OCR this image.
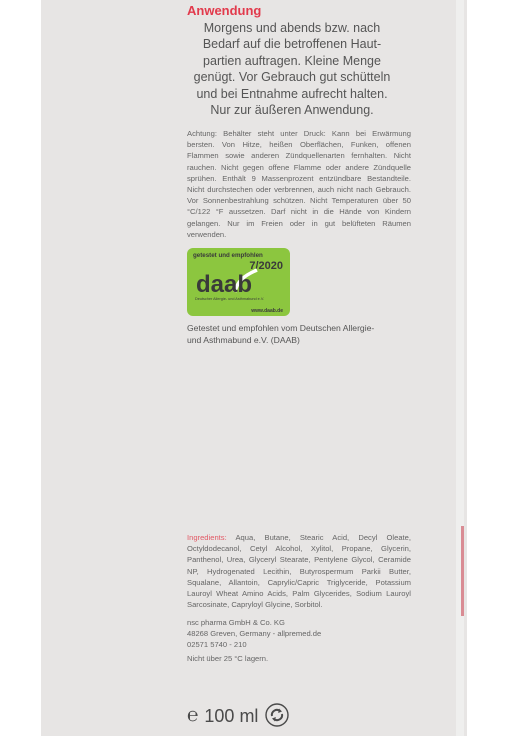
Anwendung

Morgens und abends bzw. nach Bedarf auf die betroffenen Hautpartien auftragen. Kleine Menge genügt. Vor Gebrauch gut schütteln und bei Entnahme aufrecht halten. Nur zur äußeren Anwendung.

Achtung: Behälter steht unter Druck: Kann bei Erwärmung bersten. Von Hitze, heißen Oberflächen, Funken, offenen Flammen sowie anderen Zündquellenarten fernhalten. Nicht rauchen. Nicht gegen offene Flamme oder andere Zündquelle sprühen. Enthält 9 Massenprozent entzündbare Bestandteile. Nicht durchstechen oder verbrennen, auch nicht nach Gebrauch. Vor Sonnenbestrahlung schützen. Nicht Temperaturen über 50 °C/122 °F aussetzen. Darf nicht in die Hände von Kindern gelangen. Nur im Freien oder in gut belüfteten Räumen verwenden.

getestet und empfohlen
7/2020
daab
Deutscher Allergie- und Asthmabund e.V.
www.daab.de

Getestet und empfohlen vom Deutschen Allergie- und Asthmabund e.V. (DAAB)

Ingredients: Aqua, Butane, Stearic Acid, Decyl Oleate, Octyldodecanol, Cetyl Alcohol, Xylitol, Propane, Glycerin, Panthenol, Urea, Glyceryl Stearate, Pentylene Glycol, Ceramide NP, Hydrogenated Lecithin, Butyrospermum Parkii Butter, Squalane, Allantoin, Caprylic/Capric Triglyceride, Potassium Lauroyl Wheat Amino Acids, Palm Glycerides, Sodium Lauroyl Sarcosinate, Capryloyl Glycine, Sorbitol.

nsc pharma GmbH & Co. KG
48268 Greven, Germany - allpremed.de
02571 5740 - 210

Nicht über 25 °C lagern.

℮ 100 ml
